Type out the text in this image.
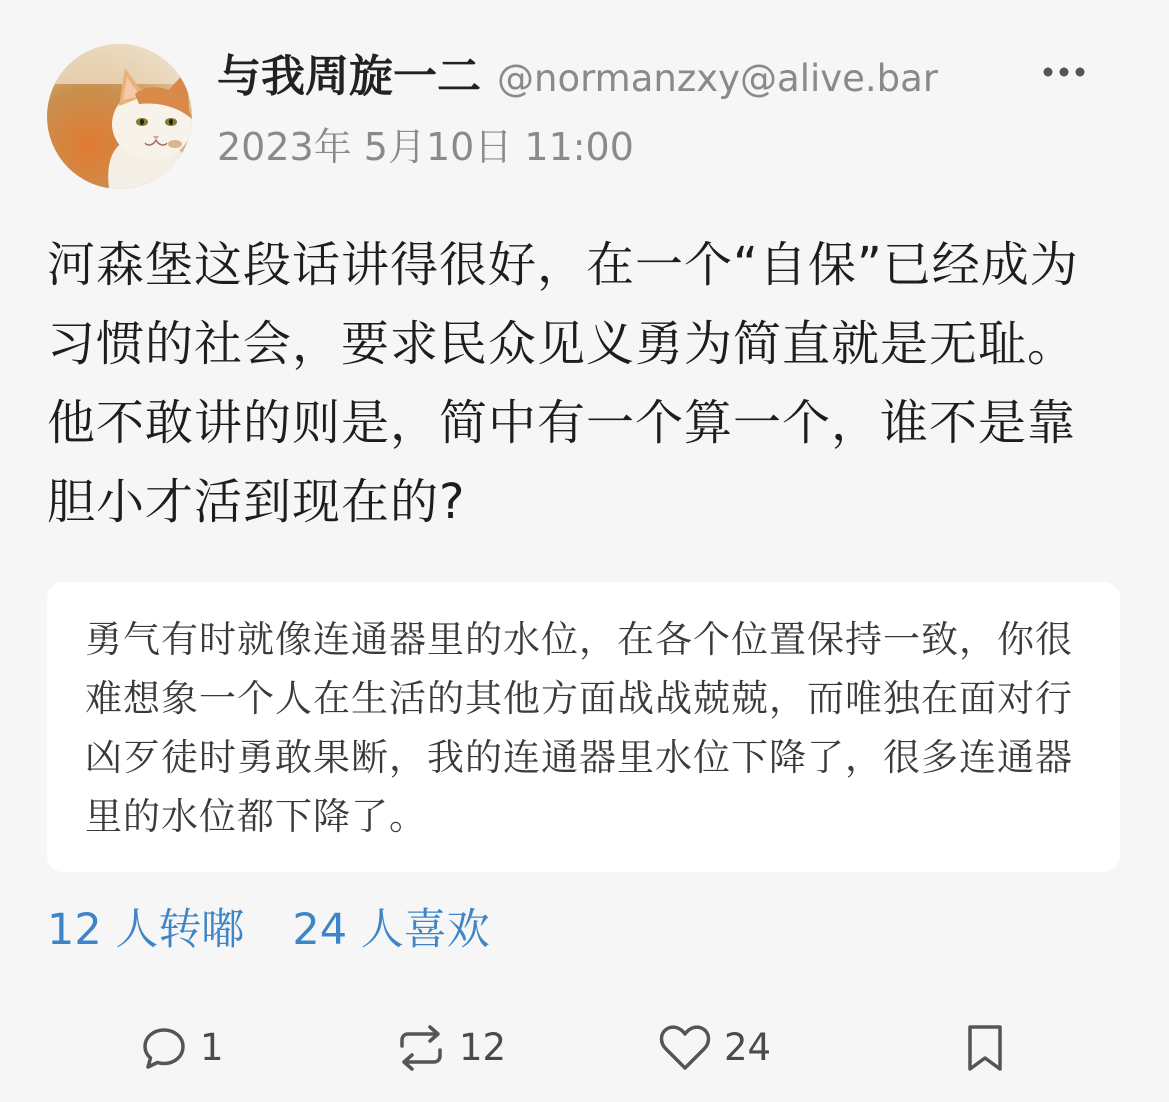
与我周旋一二 @normanzxy@alive.bar
2023年 5月10日 11:00

河森堡这段话讲得很好，在一个“自保”已经成为习惯的社会，要求民众见义勇为简直就是无耻。他不敢讲的则是，简中有一个算一个，谁不是靠胆小才活到现在的?

勇气有时就像连通器里的水位，在各个位置保持一致，你很难想象一个人在生活的其他方面战战兢兢，而唯独在面对行凶歹徒时勇敢果断，我的连通器里水位下降了，很多连通器里的水位都下降了。

12 人转嘟 24 人喜欢
1	12	24
